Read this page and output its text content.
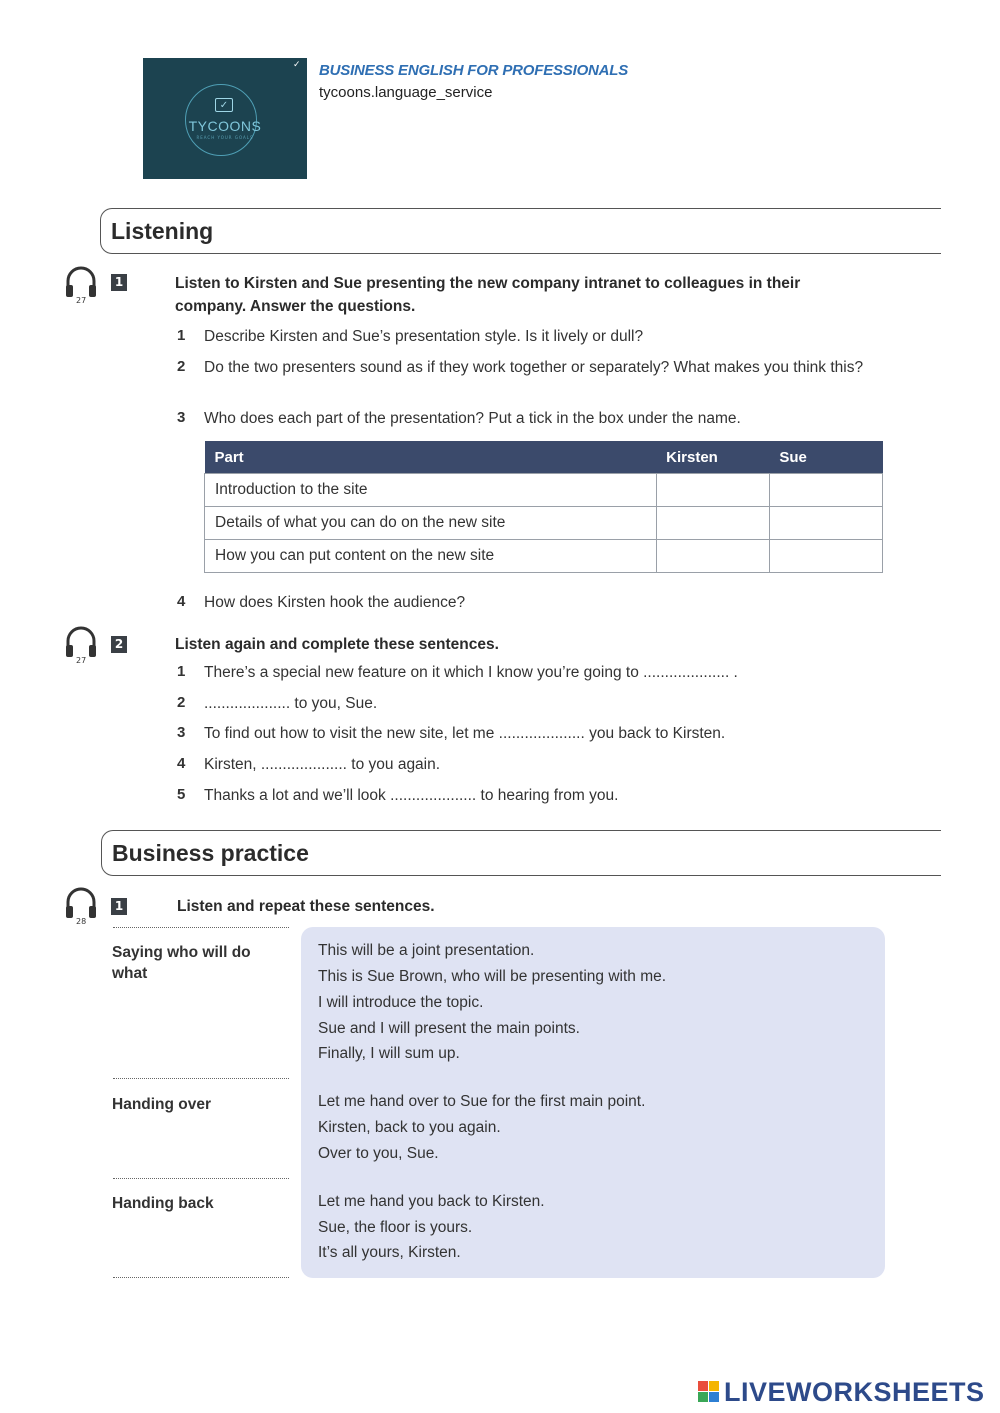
✓
TYCOONS
REACH YOUR GOALS
✓ BUSINESS ENGLISH FOR PROFESSIONALS
tycoons.language_service
Listening
27
1	Listen to Kirsten and Sue presenting the new company intranet to colleagues in their company. Answer the questions.
1 Describe Kirsten and Sue’s presentation style. Is it lively or dull?
2 Do the two presenters sound as if they work together or separately? What makes you think this?
3 Who does each part of the presentation? Put a tick in the box under the name.
Part	Kirsten	Sue
Introduction to the site		
Details of what you can do on the new site		
How you can put content on the new site		
4 How does Kirsten hook the audience?
27
2	Listen again and complete these sentences.
1 There’s a special new feature on it which I know you’re going to .................... .
2 .................... to you, Sue.
3 To find out how to visit the new site, let me .................... you back to Kirsten.
4 Kirsten, .................... to you again.
5 Thanks a lot and we’ll look .................... to hearing from you.
Business practice
28
1	Listen and repeat these sentences.
Saying who will do what
This will be a joint presentation.
This is Sue Brown, who will be presenting with me.
I will introduce the topic.
Sue and I will present the main points.
Finally, I will sum up.
Handing over	Let me hand over to Sue for the first main point.
Kirsten, back to you again.
Over to you, Sue.
Handing back	Let me hand you back to Kirsten.
Sue, the floor is yours.
It’s all yours, Kirsten.
LIVEWORKSHEETS
